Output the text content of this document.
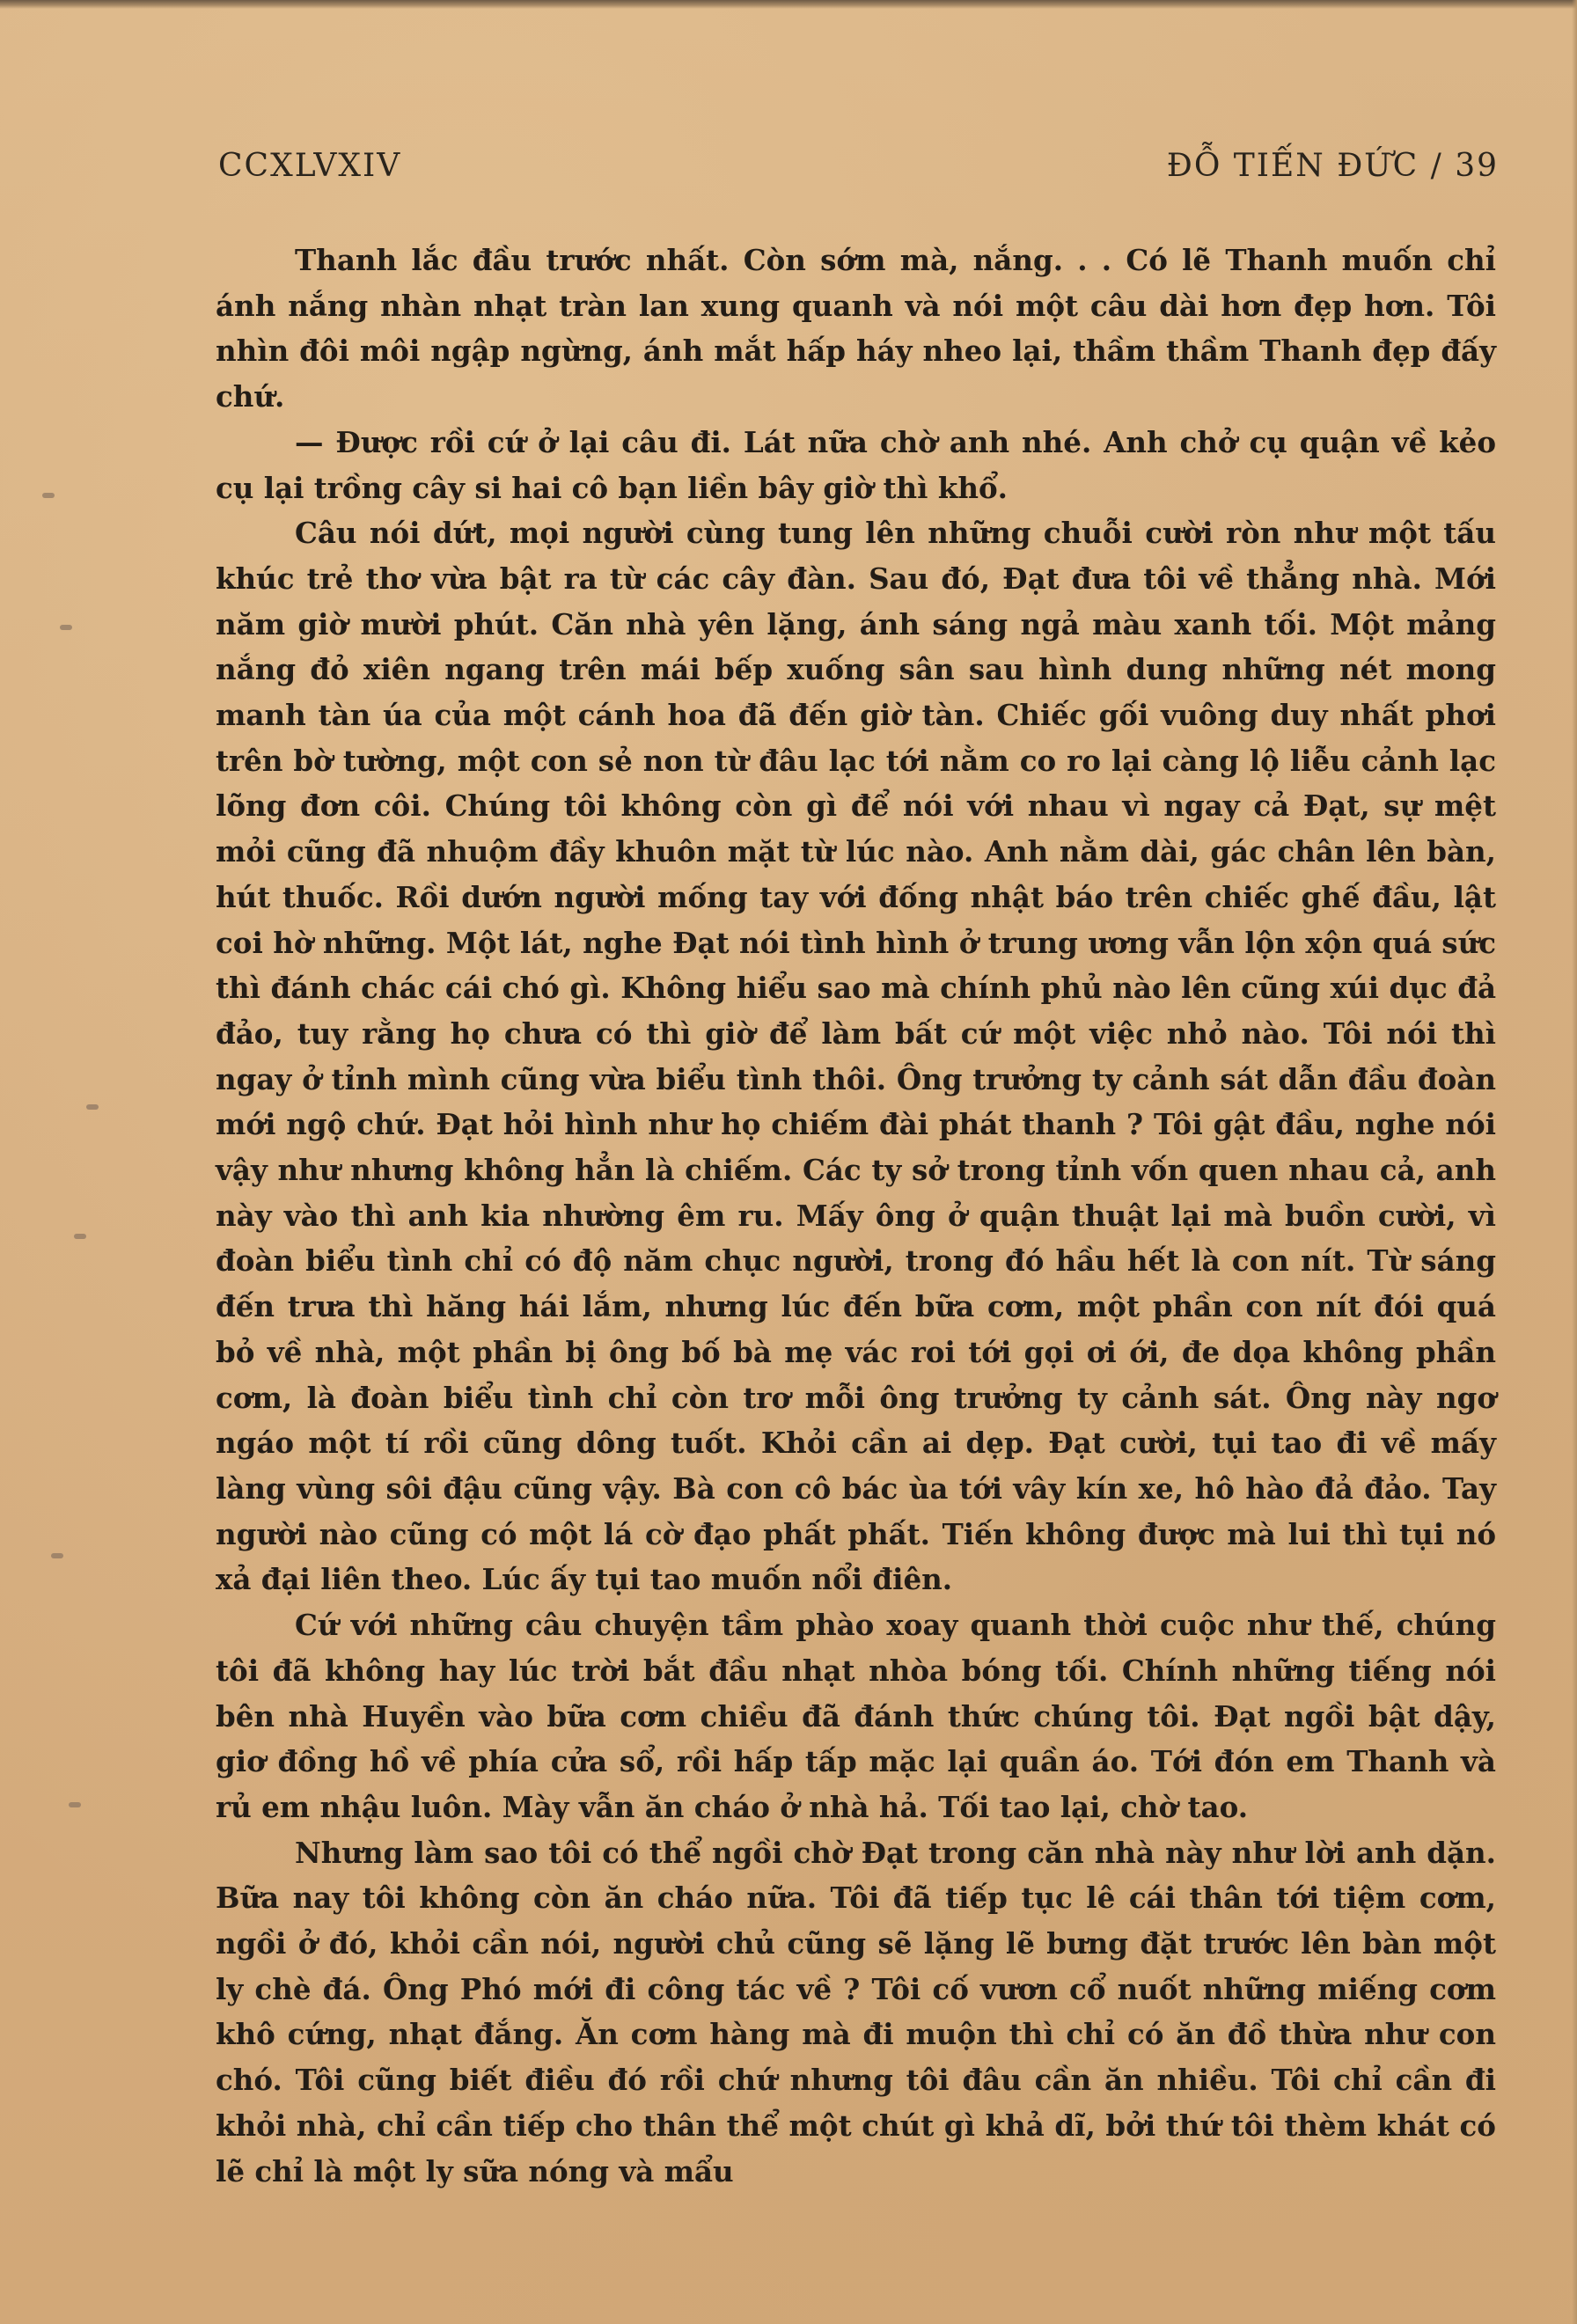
CCXLVXIV	ĐỖ TIẾN ĐỨC / 39

Thanh lắc đầu trước nhất. Còn sớm mà, nắng. . . Có lẽ Thanh muốn chỉ ánh nắng nhàn nhạt tràn lan xung quanh và nói một câu dài hơn đẹp hơn. Tôi nhìn đôi môi ngập ngừng, ánh mắt hấp háy nheo lại, thầm thầm Thanh đẹp đấy chứ.

— Được rồi cứ ở lại câu đi. Lát nữa chờ anh nhé. Anh chở cụ quận về kẻo cụ lại trồng cây si hai cô bạn liền bây giờ thì khổ.

Câu nói dứt, mọi người cùng tung lên những chuỗi cười ròn như một tấu khúc trẻ thơ vừa bật ra từ các cây đàn. Sau đó, Đạt đưa tôi về thẳng nhà. Mới năm giờ mười phút. Căn nhà yên lặng, ánh sáng ngả màu xanh tối. Một mảng nắng đỏ xiên ngang trên mái bếp xuống sân sau hình dung những nét mong manh tàn úa của một cánh hoa đã đến giờ tàn. Chiếc gối vuông duy nhất phơi trên bờ tường, một con sẻ non từ đâu lạc tới nằm co ro lại càng lộ liễu cảnh lạc lõng đơn côi. Chúng tôi không còn gì để nói với nhau vì ngay cả Đạt, sự mệt mỏi cũng đã nhuộm đầy khuôn mặt từ lúc nào. Anh nằm dài, gác chân lên bàn, hút thuốc. Rồi dướn người mống tay với đống nhật báo trên chiếc ghế đầu, lật coi hờ những. Một lát, nghe Đạt nói tình hình ở trung ương vẫn lộn xộn quá sức thì đánh chác cái chó gì. Không hiểu sao mà chính phủ nào lên cũng xúi dục đả đảo, tuy rằng họ chưa có thì giờ để làm bất cứ một việc nhỏ nào. Tôi nói thì ngay ở tỉnh mình cũng vừa biểu tình thôi. Ông trưởng ty cảnh sát dẫn đầu đoàn mới ngộ chứ. Đạt hỏi hình như họ chiếm đài phát thanh ? Tôi gật đầu, nghe nói vậy như nhưng không hẳn là chiếm. Các ty sở trong tỉnh vốn quen nhau cả, anh này vào thì anh kia nhường êm ru. Mấy ông ở quận thuật lại mà buồn cười, vì đoàn biểu tình chỉ có độ năm chục người, trong đó hầu hết là con nít. Từ sáng đến trưa thì hăng hái lắm, nhưng lúc đến bữa cơm, một phần con nít đói quá bỏ về nhà, một phần bị ông bố bà mẹ vác roi tới gọi ơi ới, đe dọa không phần cơm, là đoàn biểu tình chỉ còn trơ mỗi ông trưởng ty cảnh sát. Ông này ngơ ngáo một tí rồi cũng dông tuốt. Khỏi cần ai dẹp. Đạt cười, tụi tao đi về mấy làng vùng sôi đậu cũng vậy. Bà con cô bác ùa tới vây kín xe, hô hào đả đảo. Tay người nào cũng có một lá cờ đạo phất phất. Tiến không được mà lui thì tụi nó xả đại liên theo. Lúc ấy tụi tao muốn nổi điên.

Cứ với những câu chuyện tầm phào xoay quanh thời cuộc như thế, chúng tôi đã không hay lúc trời bắt đầu nhạt nhòa bóng tối. Chính những tiếng nói bên nhà Huyền vào bữa cơm chiều đã đánh thức chúng tôi. Đạt ngồi bật dậy, giơ đồng hồ về phía cửa sổ, rồi hấp tấp mặc lại quần áo. Tới đón em Thanh và rủ em nhậu luôn. Mày vẫn ăn cháo ở nhà hả. Tối tao lại, chờ tao.

Nhưng làm sao tôi có thể ngồi chờ Đạt trong căn nhà này như lời anh dặn. Bữa nay tôi không còn ăn cháo nữa. Tôi đã tiếp tục lê cái thân tới tiệm cơm, ngồi ở đó, khỏi cần nói, người chủ cũng sẽ lặng lẽ bưng đặt trước lên bàn một ly chè đá. Ông Phó mới đi công tác về ? Tôi cố vươn cổ nuốt những miếng cơm khô cứng, nhạt đắng. Ăn cơm hàng mà đi muộn thì chỉ có ăn đồ thừa như con chó. Tôi cũng biết điều đó rồi chứ nhưng tôi đâu cần ăn nhiều. Tôi chỉ cần đi khỏi nhà, chỉ cần tiếp cho thân thể một chút gì khả dĩ, bởi thứ tôi thèm khát có lẽ chỉ là một ly sữa nóng và mẩu
